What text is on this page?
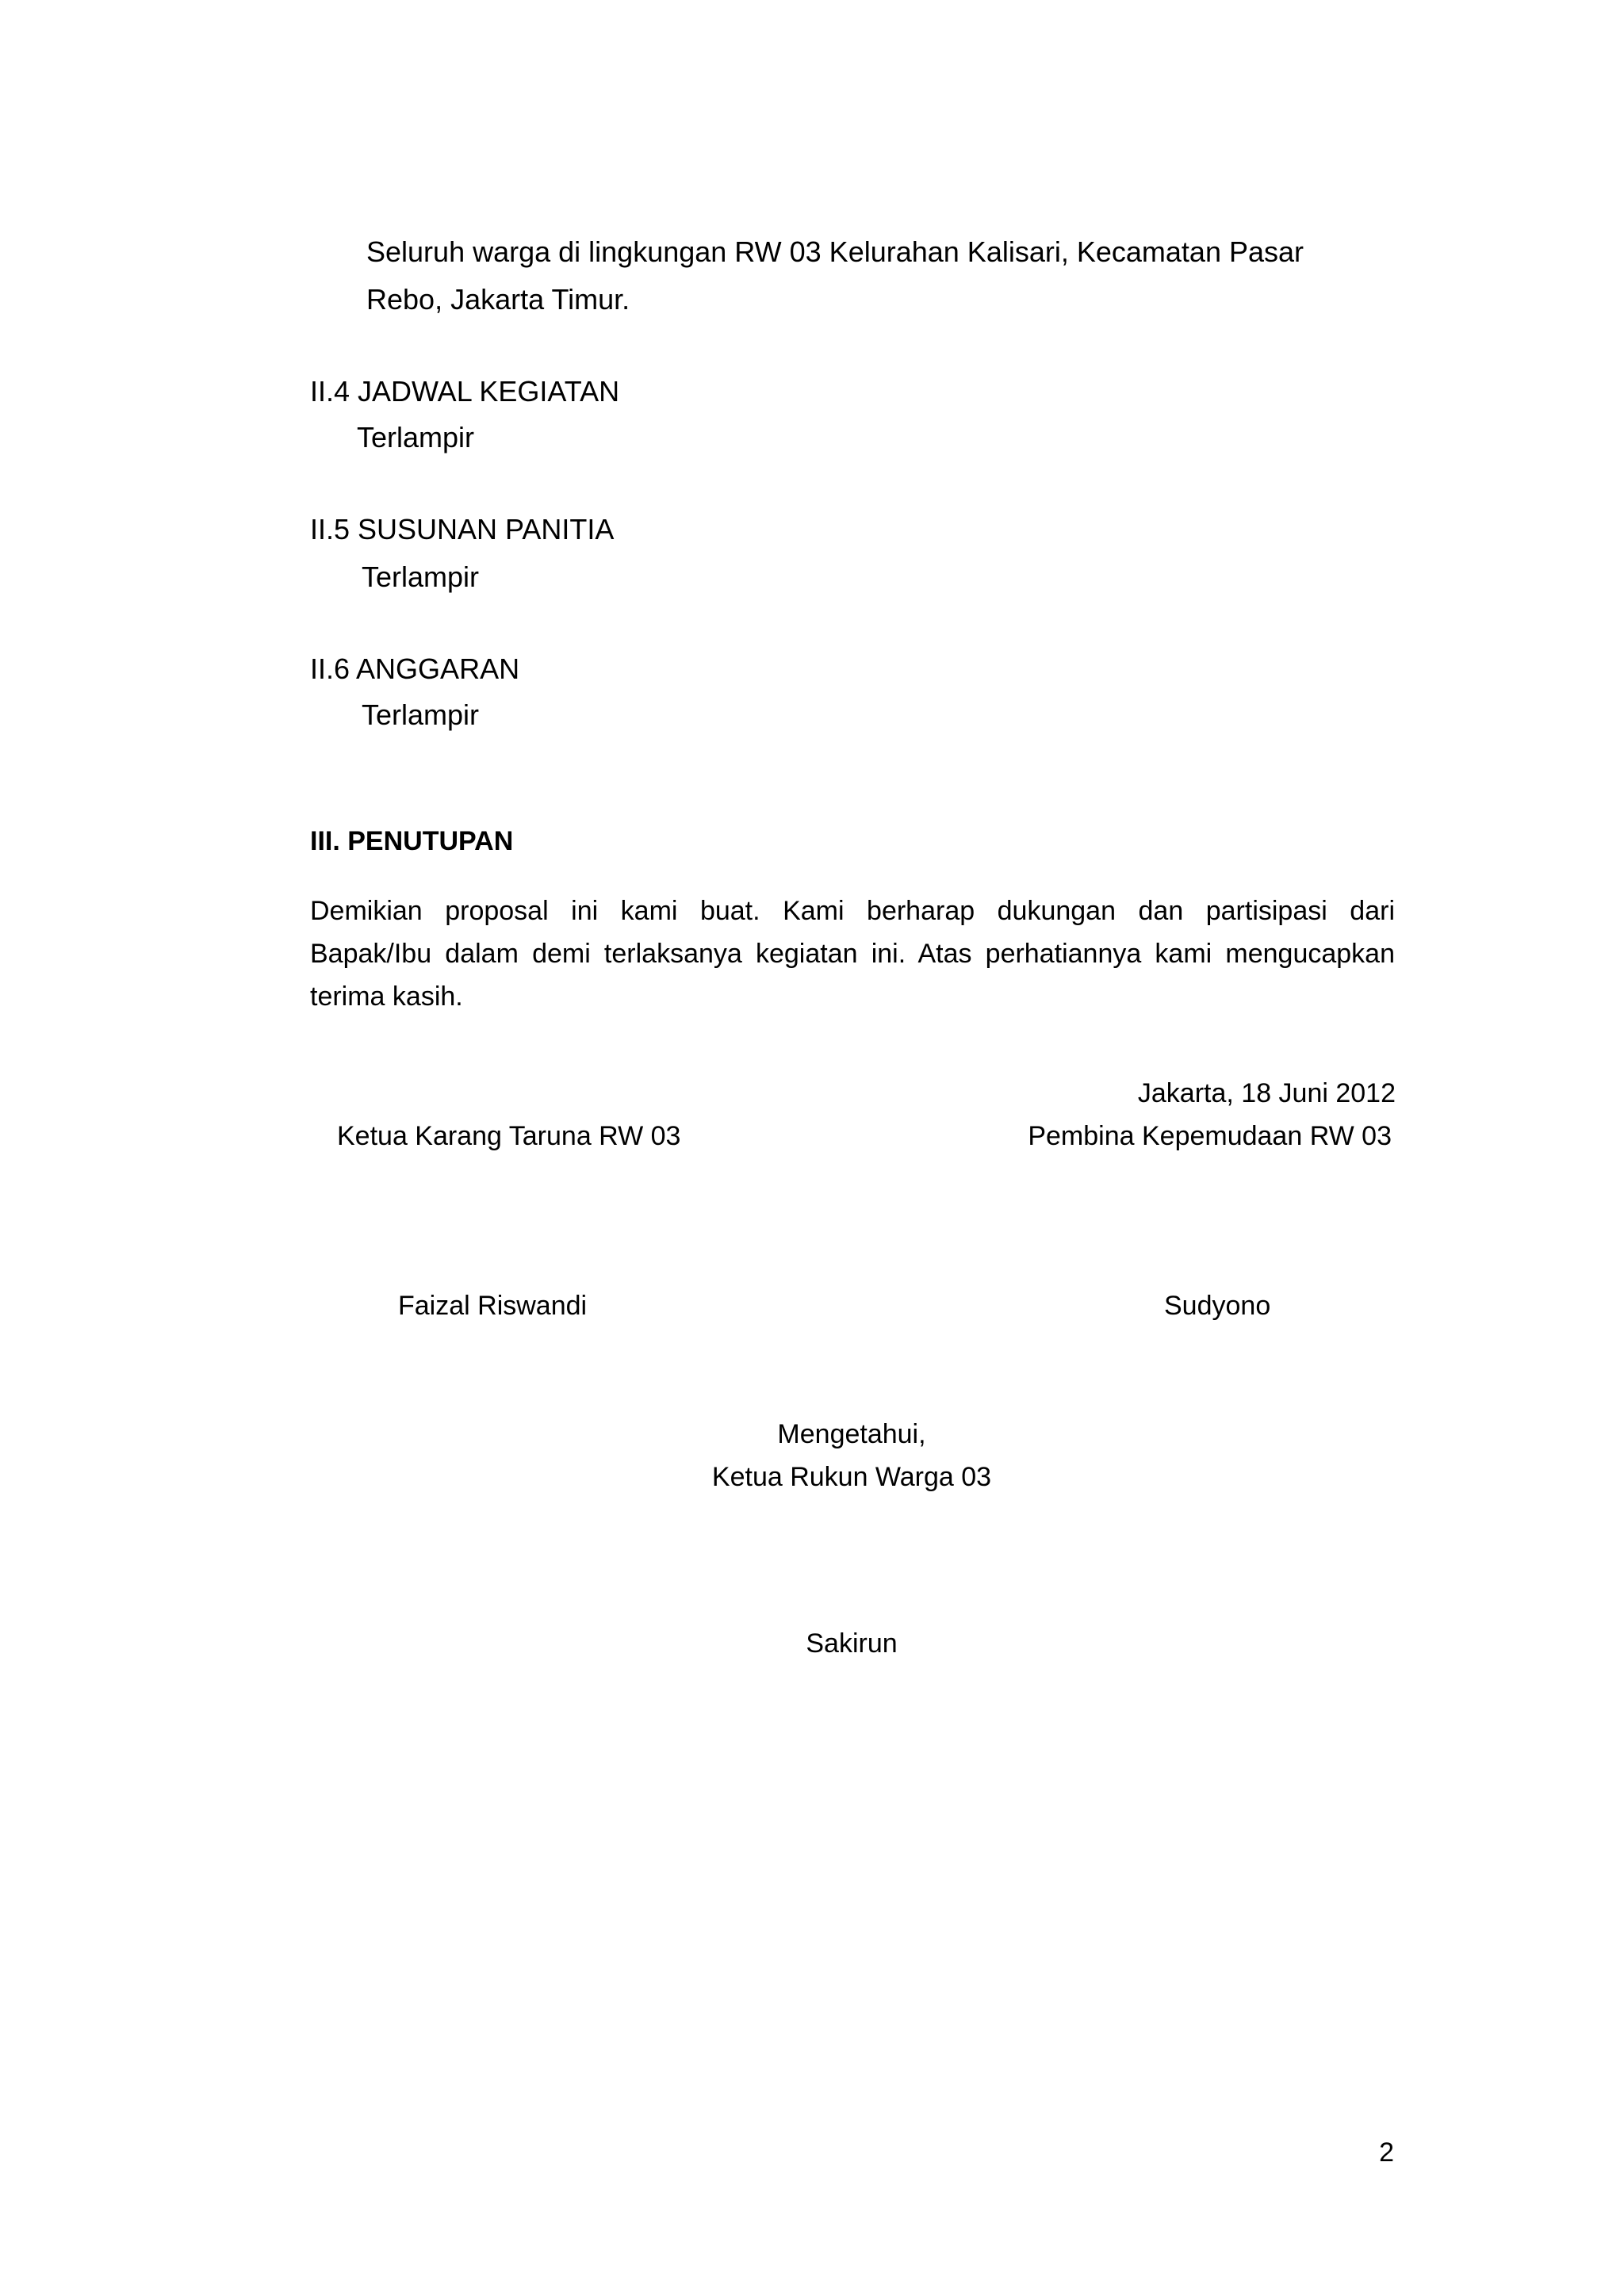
Seluruh warga di lingkungan RW 03 Kelurahan Kalisari, Kecamatan Pasar

Rebo, Jakarta Timur.

II.4 JADWAL KEGIATAN

Terlampir

II.5 SUSUNAN PANITIA

Terlampir

II.6 ANGGARAN

Terlampir

III. PENUTUPAN

Demikian proposal ini kami buat. Kami berharap dukungan dan partisipasi dari

Bapak/Ibu dalam demi terlaksanya kegiatan ini. Atas perhatiannya kami mengucapkan

terima kasih.

Jakarta, 18 Juni 2012

Ketua Karang Taruna RW 03	Pembina Kepemudaan RW 03

Faizal Riswandi	Sudyono

Mengetahui,

Ketua Rukun Warga 03

Sakirun

2
